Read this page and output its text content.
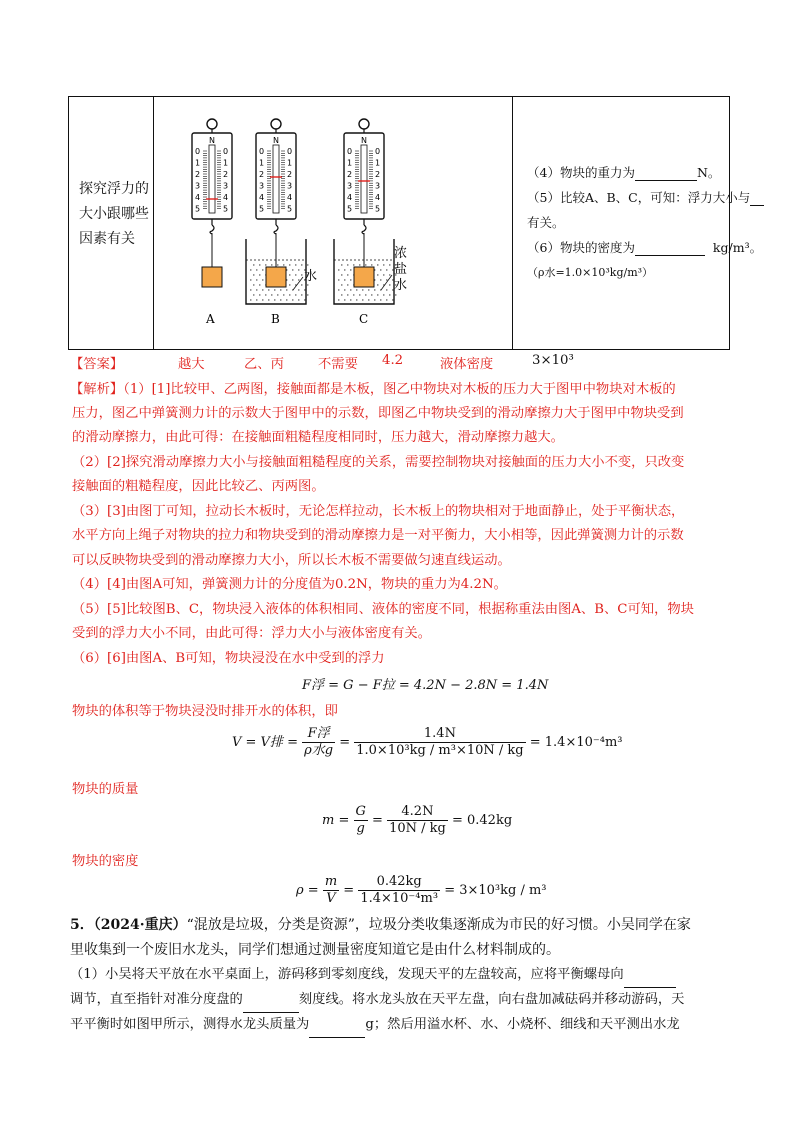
探究浮力的大小跟哪些因素有关
N
0	0
1	1
2	2
3	3
4	4
5	5
N
0	0
1	1
2	2
3	3
4	4
5	5
N
0	0
1	1
2	2
3	3
4	4
5	5
水
浓
盐
水
A	B	C
（4）物块的重力为	N。
（5）比较A、B、C，可知：浮力大小与
有关。
（6）物块的密度为	kg/m³。
（ρ水=1.0×10³kg/m³）
【答案】	越大	乙、丙	不需要 4.2	液体密度	3×10³
【解析】（1）[1]比较甲、乙两图，接触面都是木板，图乙中物块对木板的压力大于图甲中物块对木板的
压力，图乙中弹簧测力计的示数大于图甲中的示数，即图乙中物块受到的滑动摩擦力大于图甲中物块受到
的滑动摩擦力，由此可得：在接触面粗糙程度相同时，压力越大，滑动摩擦力越大。
（2）[2]探究滑动摩擦力大小与接触面粗糙程度的关系，需要控制物块对接触面的压力大小不变，只改变
接触面的粗糙程度，因此比较乙、丙两图。
（3）[3]由图丁可知，拉动长木板时，无论怎样拉动，长木板上的物块相对于地面静止，处于平衡状态，
水平方向上绳子对物块的拉力和物块受到的滑动摩擦力是一对平衡力，大小相等，因此弹簧测力计的示数
可以反映物块受到的滑动摩擦力大小，所以长木板不需要做匀速直线运动。
（4）[4]由图A可知，弹簧测力计的分度值为0.2N，物块的重力为4.2N。
（5）[5]比较图B、C，物块浸入液体的体积相同、液体的密度不同，根据称重法由图A、B、C可知，物块
受到的浮力大小不同，由此可得：浮力大小与液体密度有关。
（6）[6]由图A、B可知，物块浸没在水中受到的浮力
F浮 = G − F拉 = 4.2N − 2.8N = 1.4N
物块的体积等于物块浸没时排开水的体积，即
V = V排 = $\frac{\text{F浮}}{\text{ρ水g}} = \frac{1.4N}{\text{1.0×10³kg / m³×10N / kg}} = 1.4\times 10^{-4}m^3$
物块的质量
$m = \frac{G}{g} = \frac{4.2N}{10N / kg} = 0.42kg$
物块的密度
$\rho = \frac{m}{V} = \frac{0.42kg}{\text{1.4×10⁻⁴m³}} = 3\times 10^3kg / m^3$
5．（2024·重庆）“混放是垃圾，分类是资源”，垃圾分类收集逐渐成为市民的好习惯。小吴同学在家
里收集到一个废旧水龙头，同学们想通过测量密度知道它是由什么材料制成的。
（1）小吴将天平放在水平桌面上，游码移到零刻度线，发现天平的左盘较高，应将平衡螺母向
调节，直至指针对准分度盘的	刻度线。将水龙头放在天平左盘，向右盘加减砝码并移动游码，天
平平衡时如图甲所示，测得水龙头质量为	g；然后用溢水杯、水、小烧杯、细线和天平测出水龙
